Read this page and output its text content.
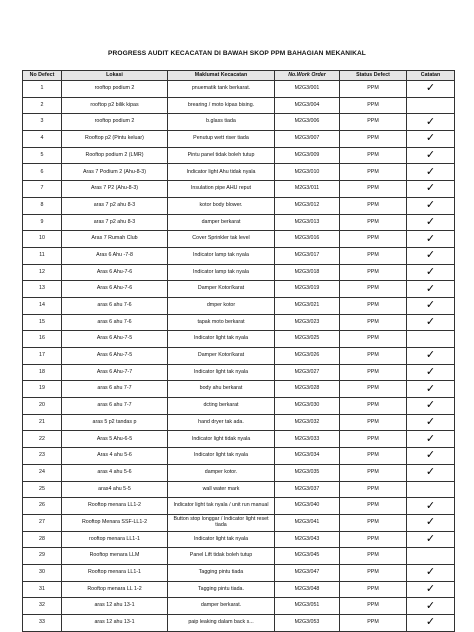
PROGRESS AUDIT KECACATAN DI BAWAH SKOP PPM BAHAGIAN MEKANIKAL
No Defect	Lokasi	Maklumat Kecacatan	No.Work Order	Status Defect	Catatan
1	rooftop podium 2	pnuematik tank berkarat.	M2G3/001	PPM	✓
2	rooftop p2 bilik kipas	brearing / moto kipas bising.	M2G3/004	PPM	
3	rooftop podium 2	b.glass tiada	M2G3/006	PPM	✓
4	Rooftop p2 (Pintu keluar)	Penutup wett riser tiada	M2G3/007	PPM	✓
5	Rooftop podium 2 (LMR)	Pintu panel tidak boleh tutup	M2G3/009	PPM	✓
6	Aras 7 Podium 2 (Ahu-8-3)	Indicator light Ahu tidak nyala	M2G3/010	PPM	✓
7	Aras 7 P2 (Ahu-8-3)	Insulation pipe AHU reput	M2G3/011	PPM	✓
8	aras 7 p2 ahu 8-3	kotor body blower.	M2G3/012	PPM	✓
9	aras 7 p2 ahu 8-3	damper berkarat	M2G3/013	PPM	✓
10	Aras 7 Rumah Club	Cover Sprinkler tak level	M2G3/016	PPM	✓
11	Aras 6 Ahu -7-8	Indicator lamp tak nyala	M2G3/017	PPM	✓
12	Aras 6 Ahu-7-6	Indicator lamp tak nyala	M2G3/018	PPM	✓
13	Aras 6 Ahu-7-6	Damper Kotor/karat	M2G3/019	PPM	✓
14	aras 6 ahu 7-6	dmper kotor	M2G3/021	PPM	✓
15	aras 6 ahu 7-6	tapak moto berkarat	M2G3/023	PPM	✓
16	Aras 6 Ahu-7-5	Indicator light tak nyala	M2G3/025	PPM	
17	Aras 6 Ahu-7-5	Damper Kotor/karat	M2G3/026	PPM	✓
18	Aras 6 Ahu-7-7	Indicator light tak nyala	M2G3/027	PPM	✓
19	aras 6 ahu 7-7	body ahu berkarat	M2G3/028	PPM	✓
20	aras 6 ahu 7-7	dcting berkarat	M2G3/030	PPM	✓
21	aras 5 p2 tandas p	hand dryer tak ada.	M2G3/032	PPM	✓
22	Aras 5 Ahu-6-5	Indicator light tidak nyala	M2G3/033	PPM	✓
23	Aras 4 ahu 5-6	Indicator light tak nyala	M2G3/034	PPM	✓
24	aras 4 ahu 5-6	damper kotor.	M2G3/035	PPM	✓
25	aras4 ahu 5-5	wall water mark	M2G3/037	PPM	
26	Rooftop menara LL1-2	Indicator light tak nyala / unit run manual	M2G3/040	PPM	✓
27	Rooftop Menara SSF-LL1-2	Button stop longgar / Indicator light reset tiada	M2G3/041	PPM	✓
28	rooftop menara LL1-1	Indicator light tak nyala	M2G3/043	PPM	✓
29	Rooftop menara LLM	Panel Lift tidak boleh tutup	M2G3/045	PPM	
30	Rooftop menara LL1-1	Tagging pintu tiada	M2G3/047	PPM	✓
31	Rooftop menara LL 1-2	Tagging pintu tiada.	M2G3/048	PPM	✓
32	aras 12 ahu 13-1	damper berkarat.	M2G3/051	PPM	✓
33	aras 12 ahu 13-1	paip leaking dalam back s...	M2G3/053	PPM	✓
